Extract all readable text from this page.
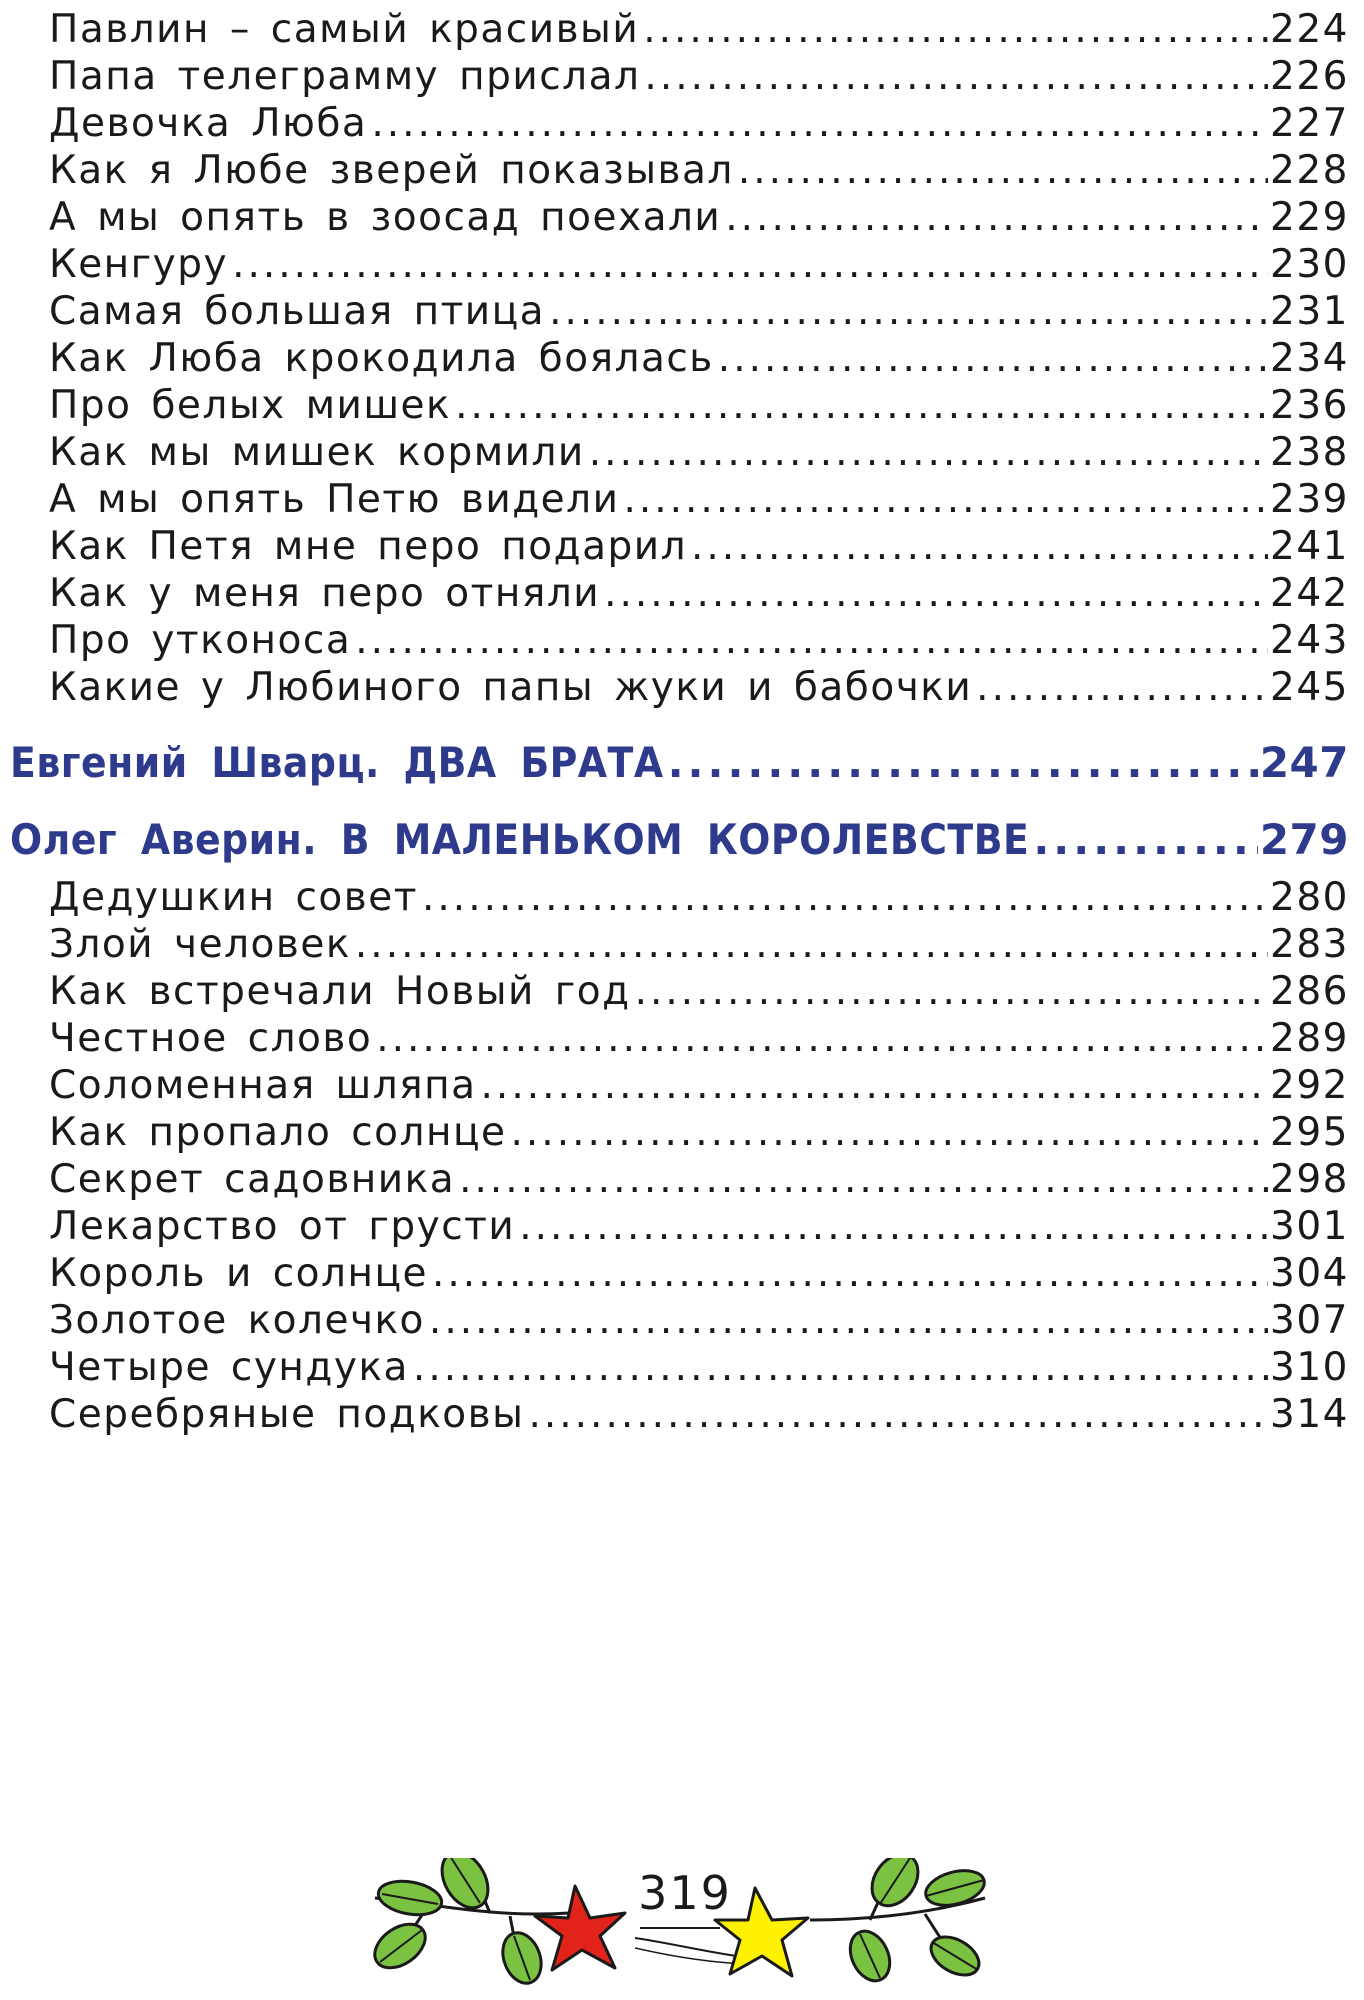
Павлин – самый красивый .....	224
Папа телеграмму прислал .....	226
Девочка Люба .....	227
Как я Любе зверей показывал .....	228
А мы опять в зоосад поехали .....	229
Кенгуру .....	230
Самая большая птица .....	231
Как Люба крокодила боялась .....	234
Про белых мишек .....	236
Как мы мишек кормили .....	238
А мы опять Петю видели .....	239
Как Петя мне перо подарил .....	241
Как у меня перо отняли .....	242
Про утконоса .....	243
Какие у Любиного папы жуки и бабочки .....	245
Евгений Шварц. ДВА БРАТА .....	247
Олег Аверин. В МАЛЕНЬКОМ КОРОЛЕВСТВЕ .....	279
Дедушкин совет .....	280
Злой человек .....	283
Как встречали Новый год .....	286
Честное слово .....	289
Соломенная шляпа .....	292
Как пропало солнце .....	295
Секрет садовника .....	298
Лекарство от грусти .....	301
Король и солнце .....	304
Золотое колечко .....	307
Четыре сундука .....	310
Серебряные подковы .....	314
319
